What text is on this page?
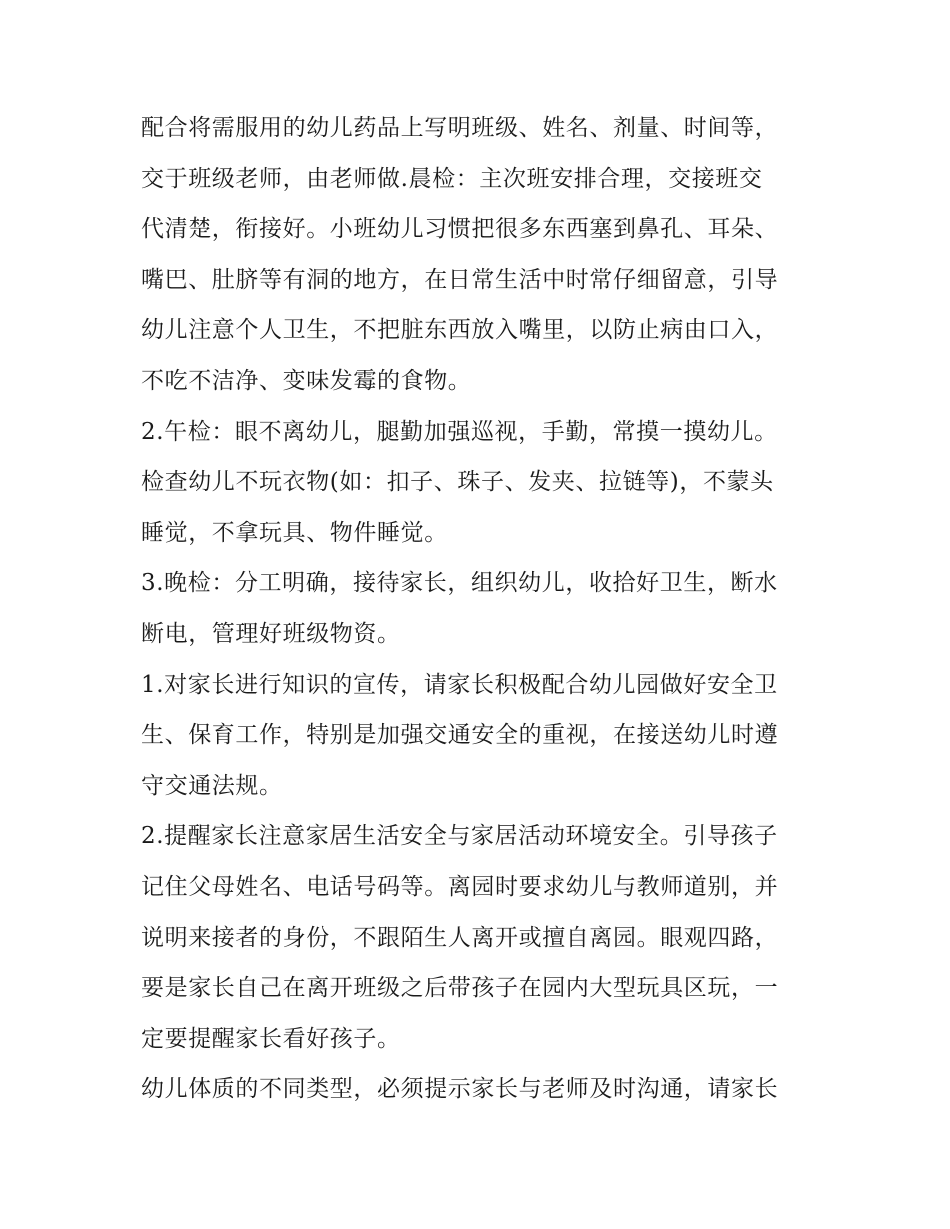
配合将需服用的幼儿药品上写明班级、姓名、剂量、时间等，
交于班级老师，由老师做.晨检：主次班安排合理，交接班交
代清楚，衔接好。小班幼儿习惯把很多东西塞到鼻孔、耳朵、
嘴巴、肚脐等有洞的地方，在日常生活中时常仔细留意，引导
幼儿注意个人卫生，不把脏东西放入嘴里，以防止病由口入，
不吃不洁净、变味发霉的食物。
2.午检：眼不离幼儿，腿勤加强巡视，手勤，常摸一摸幼儿。
检查幼儿不玩衣物(如：扣子、珠子、发夹、拉链等)，不蒙头
睡觉，不拿玩具、物件睡觉。
3.晚检：分工明确，接待家长，组织幼儿，收拾好卫生，断水
断电，管理好班级物资。
1.对家长进行知识的宣传，请家长积极配合幼儿园做好安全卫
生、保育工作，特别是加强交通安全的重视，在接送幼儿时遵
守交通法规。
2.提醒家长注意家居生活安全与家居活动环境安全。引导孩子
记住父母姓名、电话号码等。离园时要求幼儿与教师道别，并
说明来接者的身份，不跟陌生人离开或擅自离园。眼观四路，
要是家长自己在离开班级之后带孩子在园内大型玩具区玩，一
定要提醒家长看好孩子。
幼儿体质的不同类型，必须提示家长与老师及时沟通，请家长
